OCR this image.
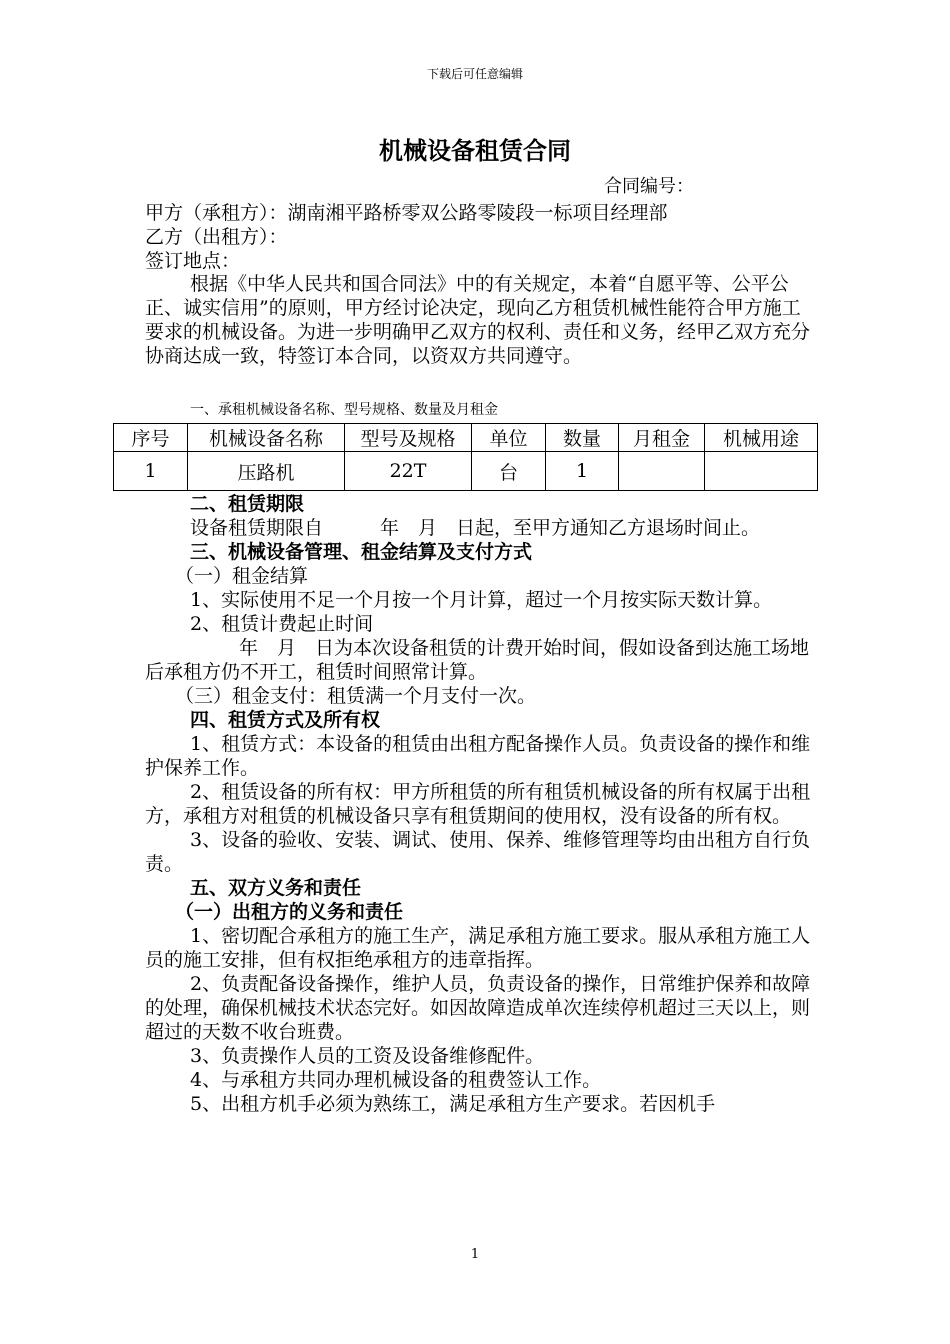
下载后可任意编辑
机械设备租赁合同
合同编号：

甲方（承租方）：湖南湘平路桥零双公路零陵段一标项目经理部

乙方（出租方）：

签订地点：

根据《中华人民共和国合同法》中的有关规定，本着“自愿平等、公平公正、诚实信用”的原则，甲方经讨论决定，现向乙方租赁机械性能符合甲方施工要求的机械设备。为进一步明确甲乙双方的权利、责任和义务，经甲乙双方充分协商达成一致，特签订本合同，以资双方共同遵守。

一、承租机械设备名称、型号规格、数量及月租金
序号	机械设备名称	型号及规格	单位	数量	月租金	机械用途
1	压路机	22T	台	1		

二、租赁期限

设备租赁期限自　　　年　月　日起，至甲方通知乙方退场时间止。

三、机械设备管理、租金结算及支付方式

（一）租金结算

1、实际使用不足一个月按一个月计算，超过一个月按实际天数计算。

2、租赁计费起止时间

年　月　日为本次设备租赁的计费开始时间，假如设备到达施工场地后承租方仍不开工，租赁时间照常计算。

（三）租金支付：租赁满一个月支付一次。

四、租赁方式及所有权

1、租赁方式：本设备的租赁由出租方配备操作人员。负责设备的操作和维护保养工作。

2、租赁设备的所有权：甲方所租赁的所有租赁机械设备的所有权属于出租方，承租方对租赁的机械设备只享有租赁期间的使用权，没有设备的所有权。

3、设备的验收、安装、调试、使用、保养、维修管理等均由出租方自行负责。

五、双方义务和责任

（一）出租方的义务和责任

1、密切配合承租方的施工生产，满足承租方施工要求。服从承租方施工人员的施工安排，但有权拒绝承租方的违章指挥。

2、负责配备设备操作，维护人员，负责设备的操作，日常维护保养和故障的处理，确保机械技术状态完好。如因故障造成单次连续停机超过三天以上，则超过的天数不收台班费。

3、负责操作人员的工资及设备维修配件。

4、与承租方共同办理机械设备的租费签认工作。

5、出租方机手必须为熟练工，满足承租方生产要求。若因机手

1
